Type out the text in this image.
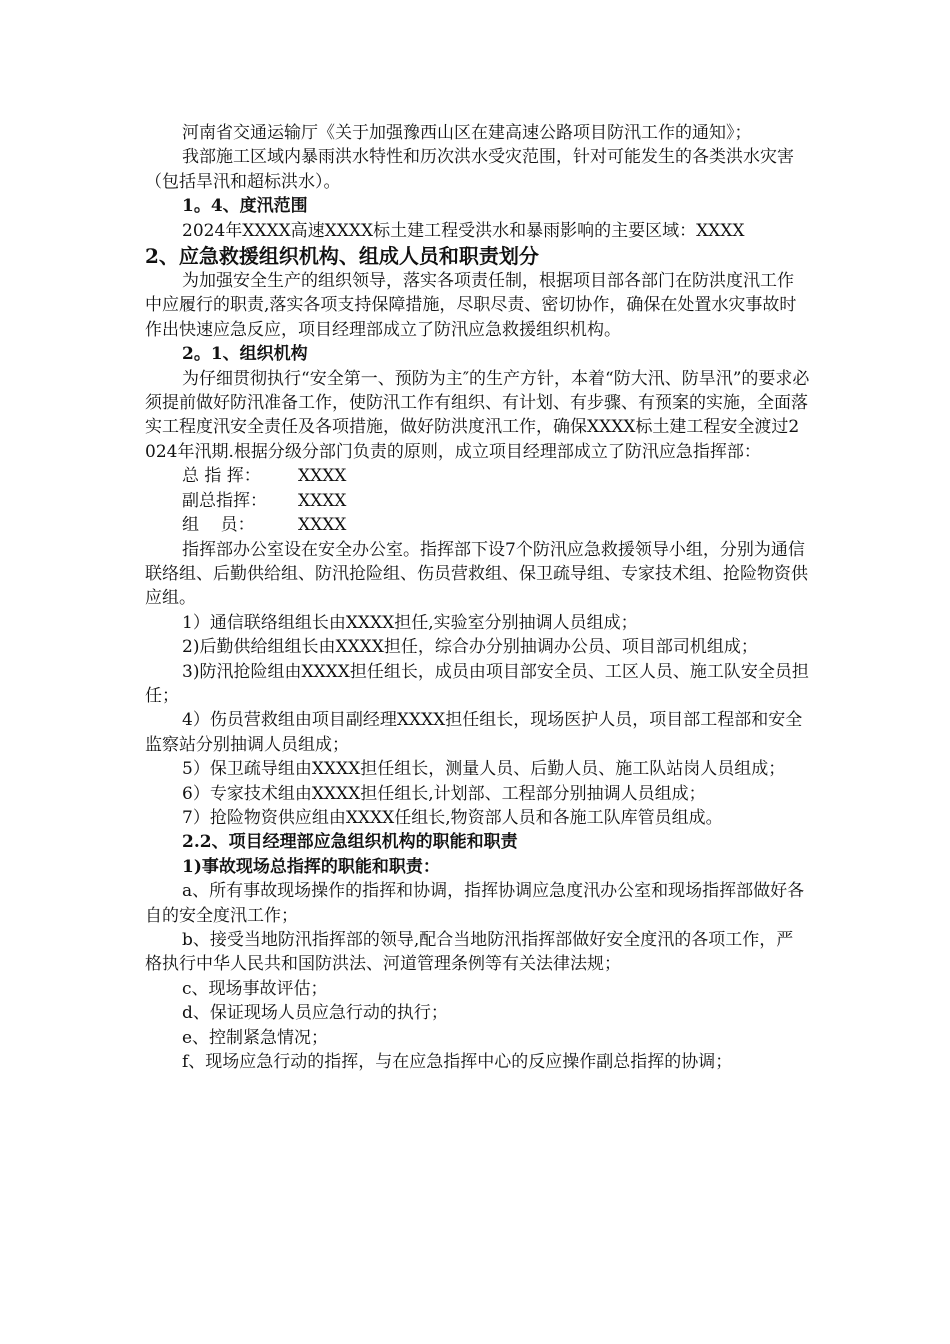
河南省交通运输厅《关于加强豫西山区在建高速公路项目防汛工作的通知》；

我部施工区域内暴雨洪水特性和历次洪水受灾范围，针对可能发生的各类洪水灾害（包括旱汛和超标洪水）。

1。4、度汛范围

2024年XXXX高速XXXX标土建工程受洪水和暴雨影响的主要区域：XXXX

2、应急救援组织机构、组成人员和职责划分

为加强安全生产的组织领导，落实各项责任制，根据项目部各部门在防洪度汛工作中应履行的职责,落实各项支持保障措施，尽职尽责、密切协作，确保在处置水灾事故时作出快速应急反应，项目经理部成立了防汛应急救援组织机构。

2。1、组织机构

为仔细贯彻执行“安全第一、预防为主″的生产方针，本着“防大汛、防旱汛”的要求必须提前做好防汛准备工作，使防汛工作有组织、有计划、有步骤、有预案的实施，全面落实工程度汛安全责任及各项措施，做好防洪度汛工作，确保XXXX标土建工程安全渡过2024年汛期.根据分级分部门负责的原则，成立项目经理部成立了防汛应急指挥部：

总 指 挥： XXXX

副总指挥： XXXX

组    员：	XXXX

指挥部办公室设在安全办公室。指挥部下设7个防汛应急救援领导小组，分别为通信联络组、后勤供给组、防汛抢险组、伤员营救组、保卫疏导组、专家技术组、抢险物资供应组。

1）通信联络组组长由XXXX担任,实验室分别抽调人员组成；

2)后勤供给组组长由XXXX担任，综合办分别抽调办公员、项目部司机组成；

3)防汛抢险组由XXXX担任组长，成员由项目部安全员、工区人员、施工队安全员担任；

4）伤员营救组由项目副经理XXXX担任组长，现场医护人员，项目部工程部和安全监察站分别抽调人员组成；

5）保卫疏导组由XXXX担任组长，测量人员、后勤人员、施工队站岗人员组成；

6）专家技术组由XXXX担任组长,计划部、工程部分别抽调人员组成；

7）抢险物资供应组由XXXX任组长,物资部人员和各施工队库管员组成。

2.2、项目经理部应急组织机构的职能和职责

1)事故现场总指挥的职能和职责：

a、所有事故现场操作的指挥和协调，指挥协调应急度汛办公室和现场指挥部做好各自的安全度汛工作；

b、接受当地防汛指挥部的领导,配合当地防汛指挥部做好安全度汛的各项工作，严格执行中华人民共和国防洪法、河道管理条例等有关法律法规；

c、现场事故评估；

d、保证现场人员应急行动的执行；

e、控制紧急情况；

f、现场应急行动的指挥，与在应急指挥中心的反应操作副总指挥的协调；
